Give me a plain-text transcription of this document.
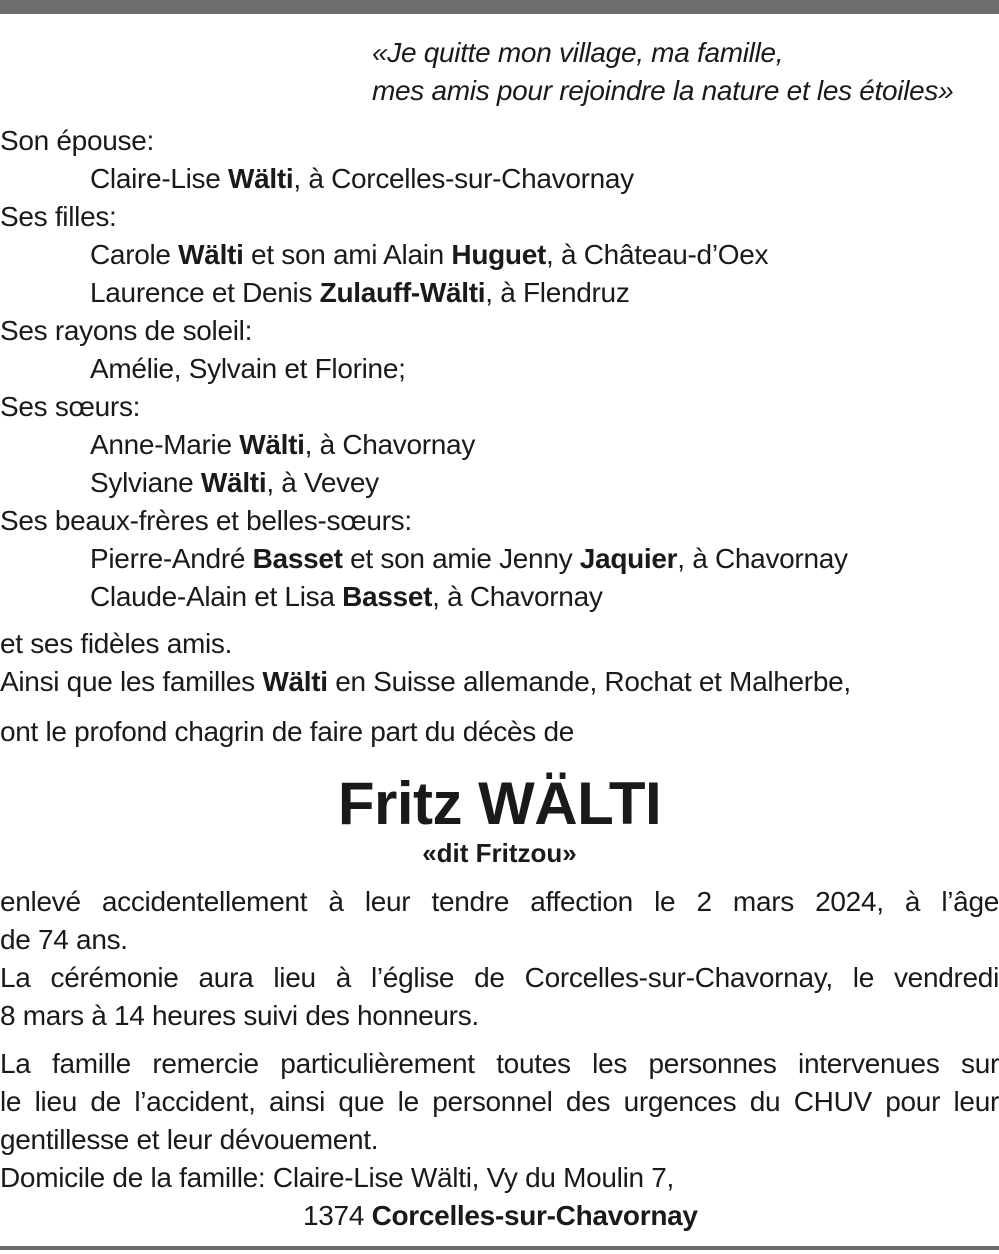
«Je quitte mon village, ma famille,
mes amis pour rejoindre la nature et les étoiles»
Son épouse:
Claire-Lise Wälti, à Corcelles-sur-Chavornay
Ses filles:
Carole Wälti et son ami Alain Huguet, à Château-d’Oex
Laurence et Denis Zulauff-Wälti, à Flendruz
Ses rayons de soleil:
Amélie, Sylvain et Florine;
Ses sœurs:
Anne-Marie Wälti, à Chavornay
Sylviane Wälti, à Vevey
Ses beaux-frères et belles-sœurs:
Pierre-André Basset et son amie Jenny Jaquier, à Chavornay
Claude-Alain et Lisa Basset, à Chavornay
et ses fidèles amis.
Ainsi que les familles Wälti en Suisse allemande, Rochat et Malherbe,
ont le profond chagrin de faire part du décès de
Fritz WÄLTI
«dit Fritzou»
enlevé accidentellement à leur tendre affection le 2 mars 2024, à l’âge
de 74 ans.
La cérémonie aura lieu à l’église de Corcelles-sur-Chavornay, le vendredi
8 mars à 14 heures suivi des honneurs.
La famille remercie particulièrement toutes les personnes intervenues sur
le lieu de l’accident, ainsi que le personnel des urgences du CHUV pour leur
gentillesse et leur dévouement.
Domicile de la famille: Claire-Lise Wälti, Vy du Moulin 7,
1374 Corcelles-sur-Chavornay
